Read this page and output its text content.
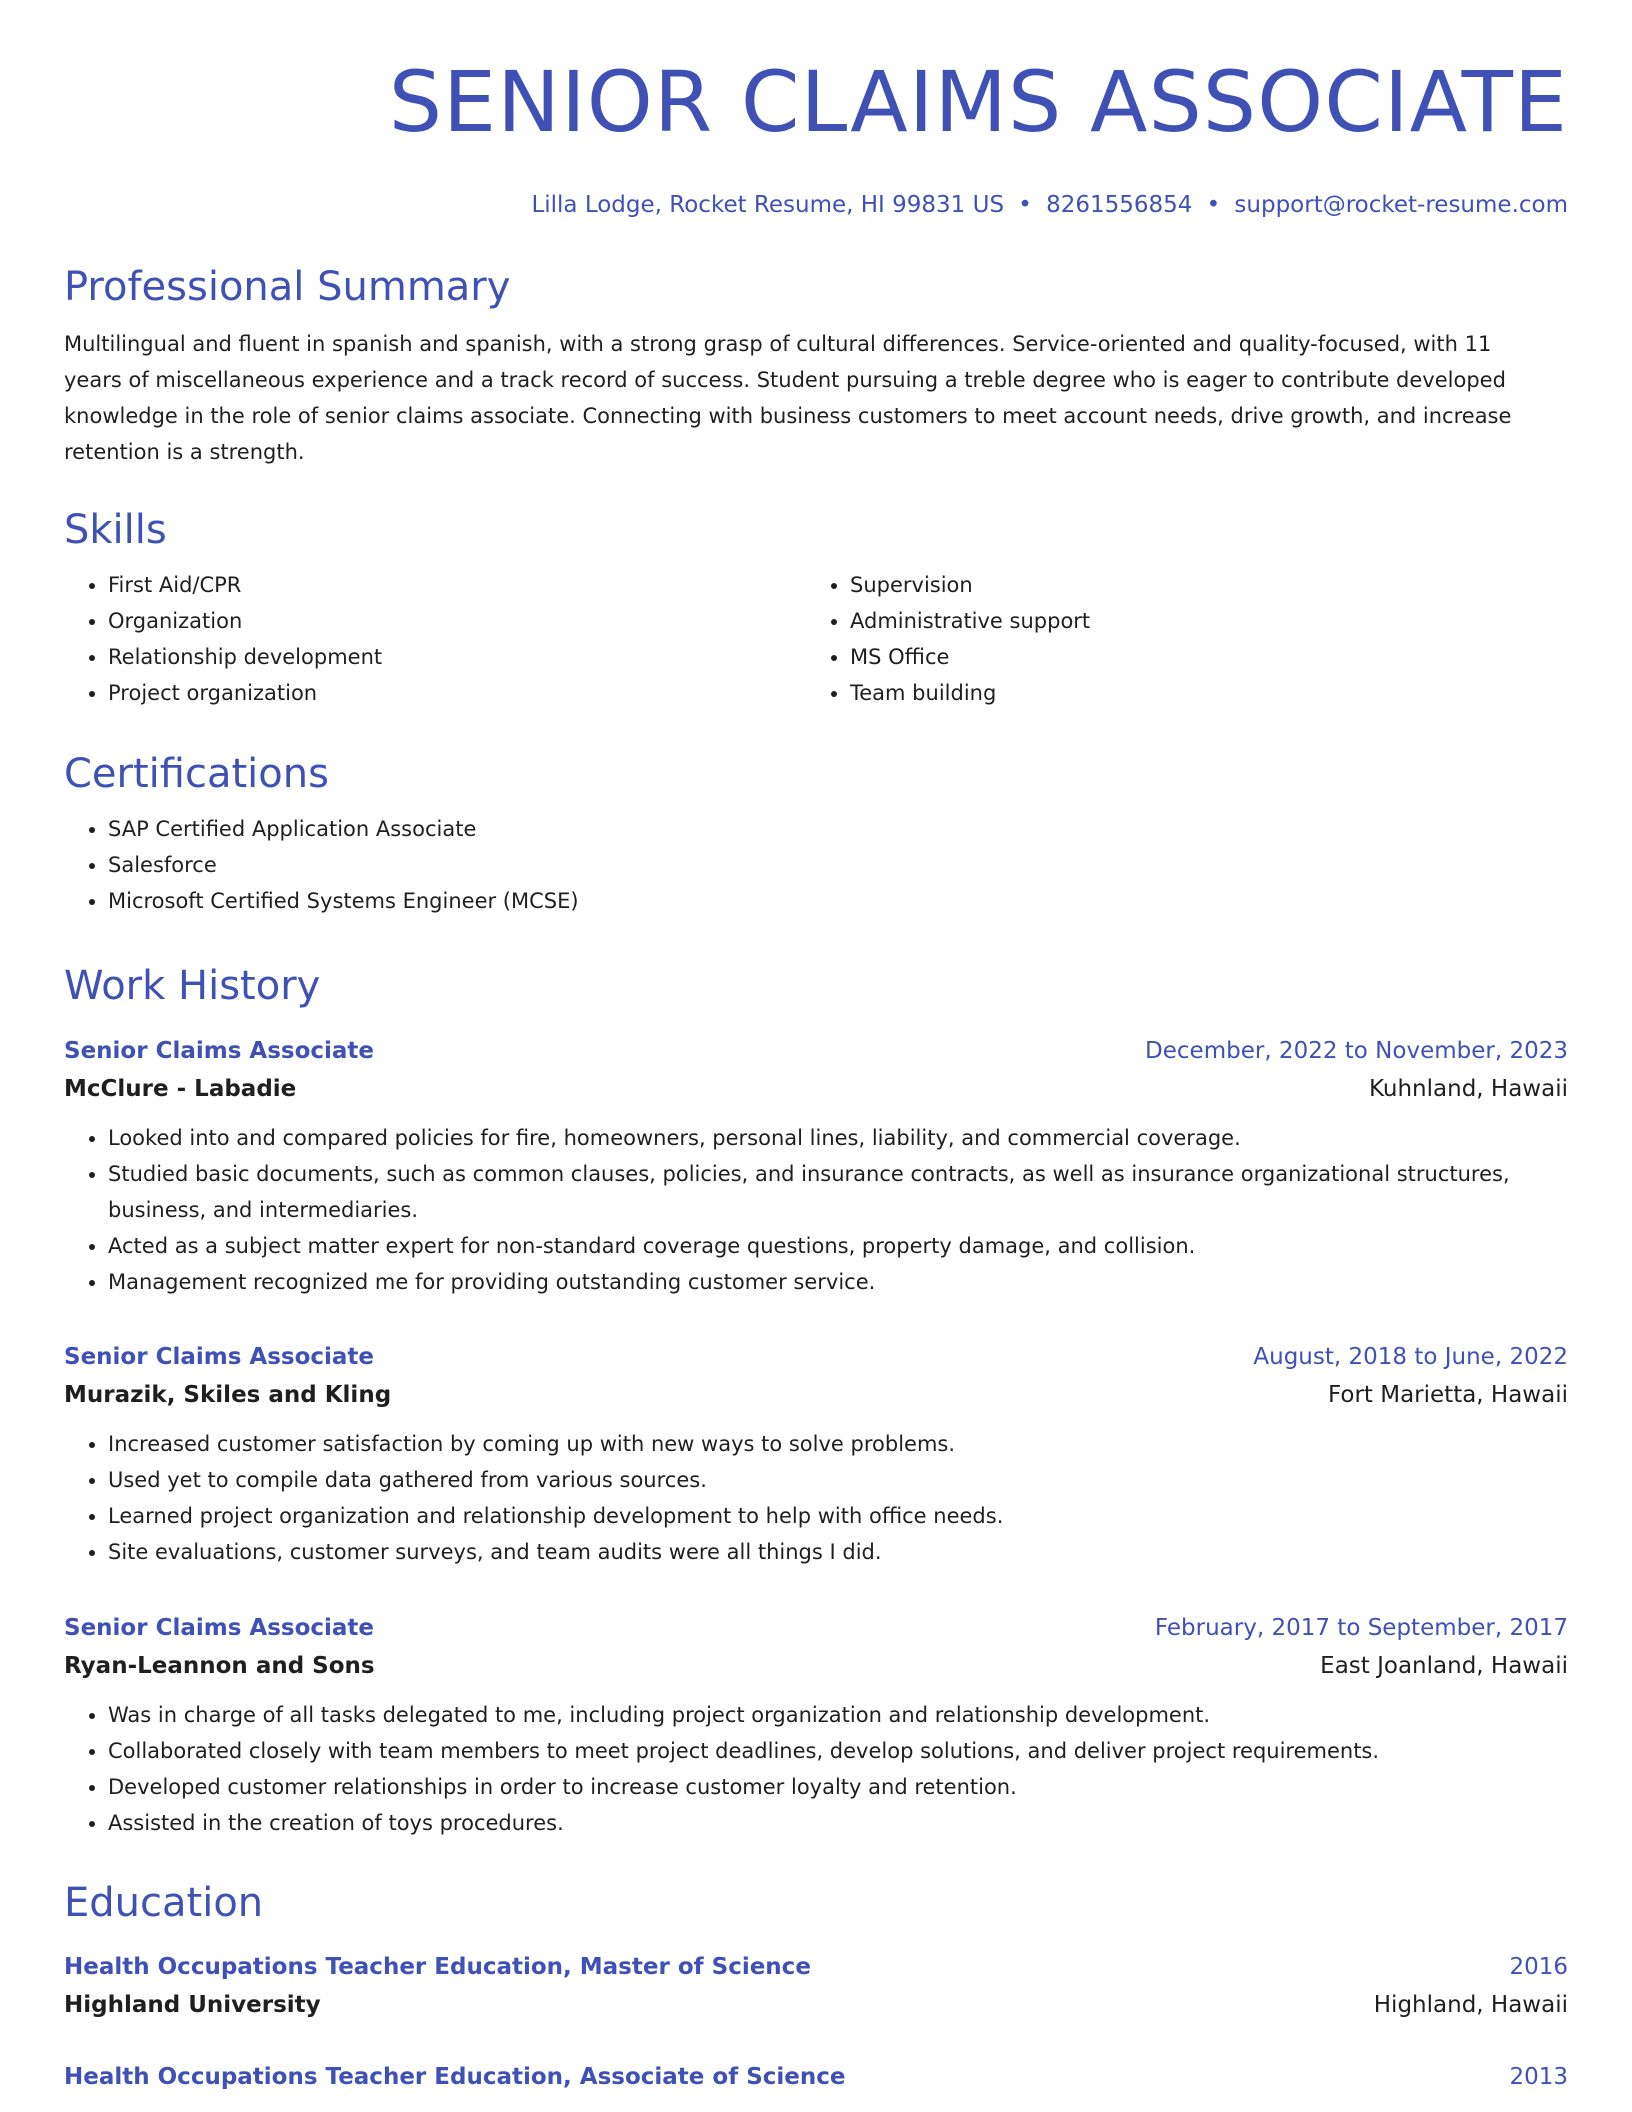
SENIOR CLAIMS ASSOCIATE
Lilla Lodge, Rocket Resume, HI 99831 US • 8261556854 • support@rocket-resume.com
Professional Summary

Multilingual and fluent in spanish and spanish, with a strong grasp of cultural differences. Service-oriented and quality-focused, with 11 years of miscellaneous experience and a track record of success. Student pursuing a treble degree who is eager to contribute developed knowledge in the role of senior claims associate. Connecting with business customers to meet account needs, drive growth, and increase retention is a strength.

Skills
• First Aid/CPR
• Organization
• Relationship development
• Project organization
• Supervision
• Administrative support
• MS Office
• Team building
Certifications
• SAP Certified Application Associate
• Salesforce
• Microsoft Certified Systems Engineer (MCSE)
Work History
Senior Claims Associate	December, 2022 to November, 2023
McClure - Labadie	Kuhnland, Hawaii
• Looked into and compared policies for fire, homeowners, personal lines, liability, and commercial coverage.
• Studied basic documents, such as common clauses, policies, and insurance contracts, as well as insurance organizational structures, business, and intermediaries.
• Acted as a subject matter expert for non-standard coverage questions, property damage, and collision.
• Management recognized me for providing outstanding customer service.
Senior Claims Associate	August, 2018 to June, 2022
Murazik, Skiles and Kling	Fort Marietta, Hawaii
• Increased customer satisfaction by coming up with new ways to solve problems.
• Used yet to compile data gathered from various sources.
• Learned project organization and relationship development to help with office needs.
• Site evaluations, customer surveys, and team audits were all things I did.
Senior Claims Associate	February, 2017 to September, 2017
Ryan-Leannon and Sons	East Joanland, Hawaii
• Was in charge of all tasks delegated to me, including project organization and relationship development.
• Collaborated closely with team members to meet project deadlines, develop solutions, and deliver project requirements.
• Developed customer relationships in order to increase customer loyalty and retention.
• Assisted in the creation of toys procedures.
Education
Health Occupations Teacher Education, Master of Science	2016
Highland University	Highland, Hawaii
Health Occupations Teacher Education, Associate of Science	2013
